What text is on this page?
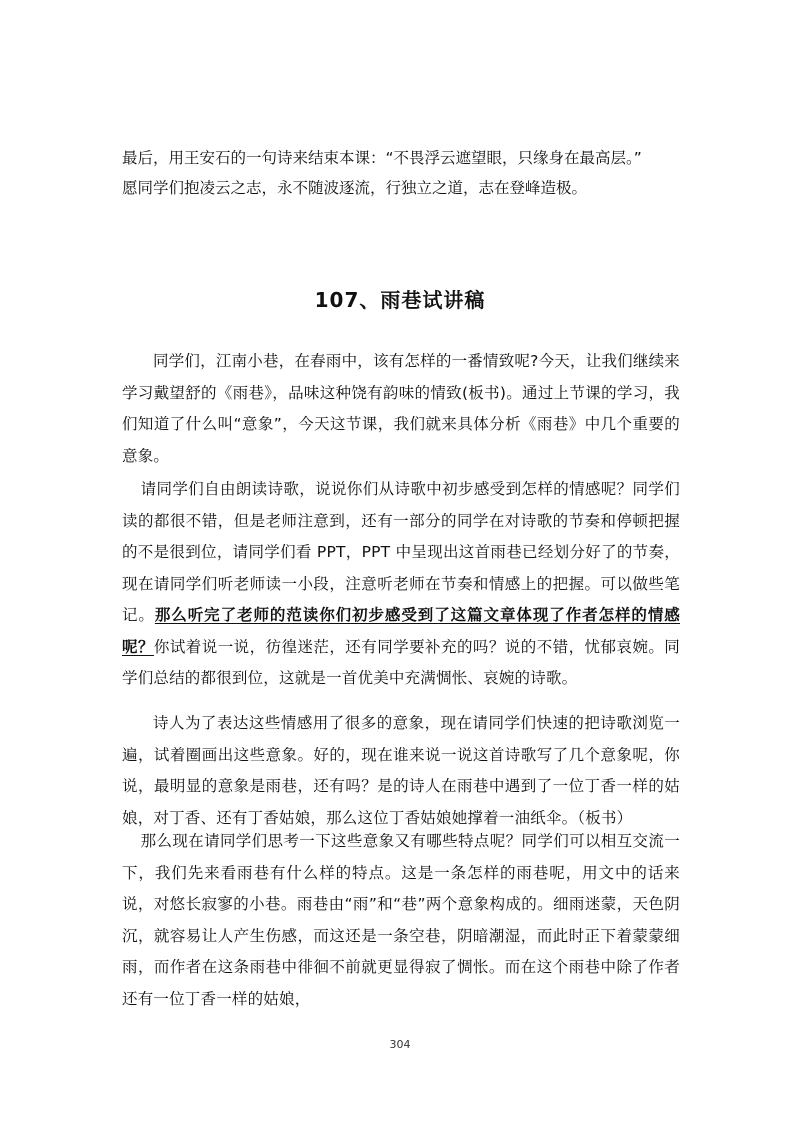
最后，用王安石的一句诗来结束本课：“不畏浮云遮望眼，只缘身在最高层。”

愿同学们抱凌云之志，永不随波逐流，行独立之道，志在登峰造极。

107、雨巷试讲稿

同学们，江南小巷，在春雨中，该有怎样的一番情致呢?今天，让我们继续来学习戴望舒的《雨巷》，品味这种饶有韵味的情致(板书)。通过上节课的学习，我们知道了什么叫“意象”，今天这节课，我们就来具体分析《雨巷》中几个重要的意象。

请同学们自由朗读诗歌，说说你们从诗歌中初步感受到怎样的情感呢？同学们读的都很不错，但是老师注意到，还有一部分的同学在对诗歌的节奏和停顿把握的不是很到位，请同学们看 PPT，PPT 中呈现出这首雨巷已经划分好了的节奏，现在请同学们听老师读一小段，注意听老师在节奏和情感上的把握。可以做些笔记。那么听完了老师的范读你们初步感受到了这篇文章体现了作者怎样的情感呢？你试着说一说，彷徨迷茫，还有同学要补充的吗？说的不错，忧郁哀婉。同学们总结的都很到位，这就是一首优美中充满惆怅、哀婉的诗歌。

诗人为了表达这些情感用了很多的意象，现在请同学们快速的把诗歌浏览一遍，试着圈画出这些意象。好的，现在谁来说一说这首诗歌写了几个意象呢，你说，最明显的意象是雨巷，还有吗？是的诗人在雨巷中遇到了一位丁香一样的姑娘，对丁香、还有丁香姑娘，那么这位丁香姑娘她撑着一油纸伞。（板书）

那么现在请同学们思考一下这些意象又有哪些特点呢？同学们可以相互交流一下，我们先来看雨巷有什么样的特点。这是一条怎样的雨巷呢，用文中的话来说，对悠长寂寥的小巷。雨巷由“雨”和“巷”两个意象构成的。细雨迷蒙，天色阴沉，就容易让人产生伤感，而这还是一条空巷，阴暗潮湿，而此时正下着蒙蒙细雨，而作者在这条雨巷中徘徊不前就更显得寂了惆怅。而在这个雨巷中除了作者还有一位丁香一样的姑娘，

304
